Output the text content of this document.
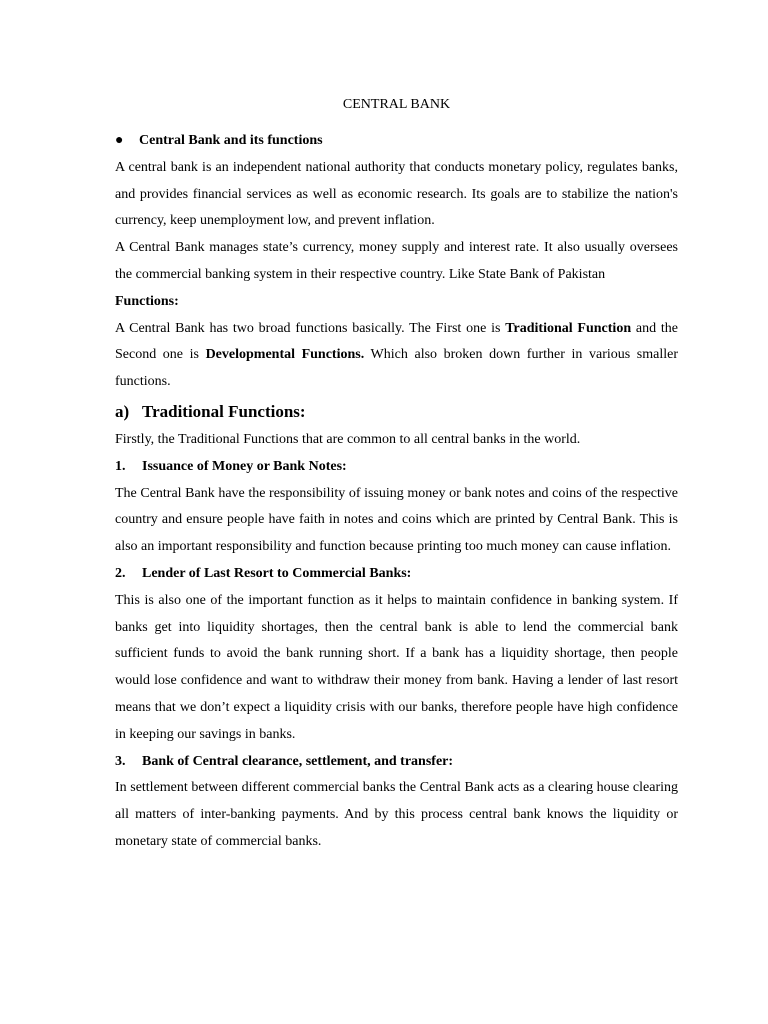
CENTRAL BANK
●	Central Bank and its functions

A central bank is an independent national authority that conducts monetary policy, regulates banks, and provides financial services as well as economic research. Its goals are to stabilize the nation's currency, keep unemployment low, and prevent inflation.

A Central Bank manages state’s currency, money supply and interest rate. It also usually oversees the commercial banking system in their respective country. Like State Bank of Pakistan

Functions:

A Central Bank has two broad functions basically. The First one is Traditional Function and the Second one is Developmental Functions. Which also broken down further in various smaller functions.

a) Traditional Functions:

Firstly, the Traditional Functions that are common to all central banks in the world.

1.	Issuance of Money or Bank Notes:

The Central Bank have the responsibility of issuing money or bank notes and coins of the respective country and ensure people have faith in notes and coins which are printed by Central Bank. This is also an important responsibility and function because printing too much money can cause inflation.

2.	Lender of Last Resort to Commercial Banks:

This is also one of the important function as it helps to maintain confidence in banking system. If banks get into liquidity shortages, then the central bank is able to lend the commercial bank sufficient funds to avoid the bank running short. If a bank has a liquidity shortage, then people would lose confidence and want to withdraw their money from bank. Having a lender of last resort means that we don’t expect a liquidity crisis with our banks, therefore people have high confidence in keeping our savings in banks.

3.	Bank of Central clearance, settlement, and transfer:

In settlement between different commercial banks the Central Bank acts as a clearing house clearing all matters of inter-banking payments. And by this process central bank knows the liquidity or monetary state of commercial banks.
